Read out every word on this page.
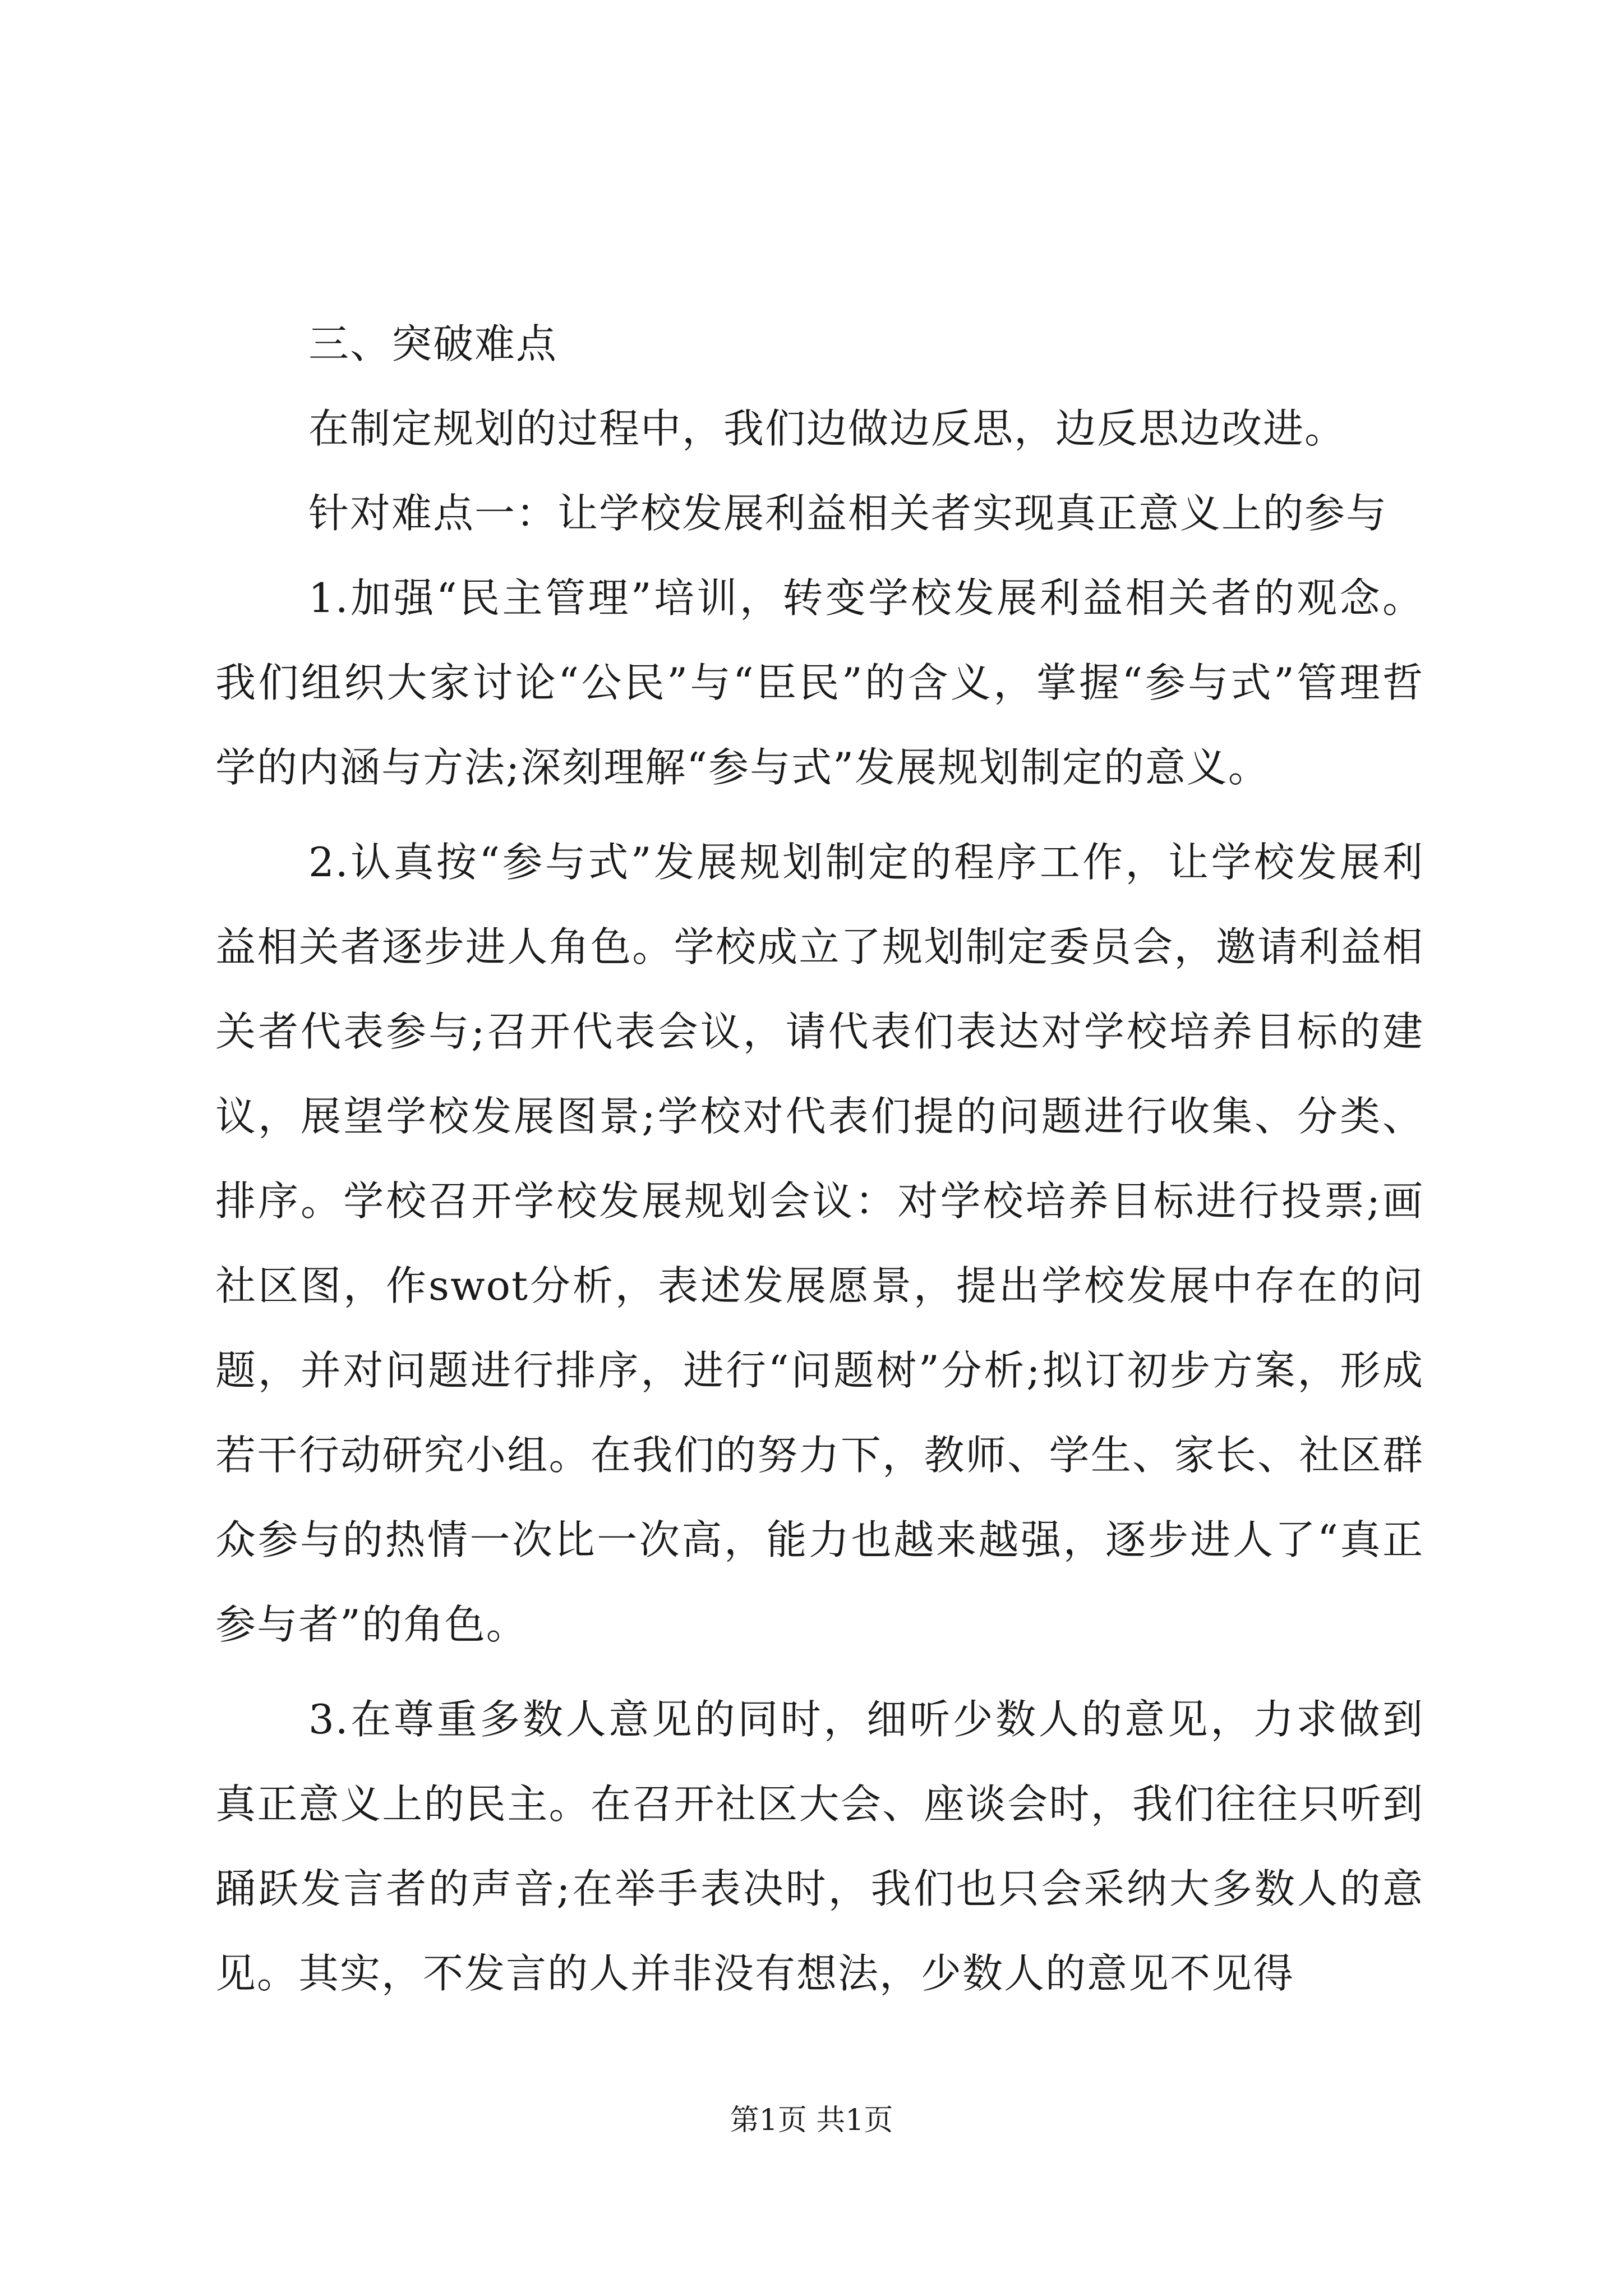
三、突破难点

在制定规划的过程中，我们边做边反思，边反思边改进。

针对难点一：让学校发展利益相关者实现真正意义上的参与

1.加强“民主管理”培训，转变学校发展利益相关者的观念。我们组织大家讨论“公民”与“臣民”的含义，掌握“参与式”管理哲学的内涵与方法;深刻理解“参与式”发展规划制定的意义。

2.认真按“参与式”发展规划制定的程序工作，让学校发展利益相关者逐步进人角色。学校成立了规划制定委员会，邀请利益相关者代表参与;召开代表会议，请代表们表达对学校培养目标的建议，展望学校发展图景;学校对代表们提的问题进行收集、分类、排序。学校召开学校发展规划会议：对学校培养目标进行投票;画社区图，作swot分析，表述发展愿景，提出学校发展中存在的问题，并对问题进行排序，进行“问题树”分析;拟订初步方案，形成若干行动研究小组。在我们的努力下，教师、学生、家长、社区群众参与的热情一次比一次高，能力也越来越强，逐步进人了“真正参与者”的角色。

3.在尊重多数人意见的同时，细听少数人的意见，力求做到真正意义上的民主。在召开社区大会、座谈会时，我们往往只听到踊跃发言者的声音;在举手表决时，我们也只会采纳大多数人的意见。其实，不发言的人并非没有想法，少数人的意见不见得

第1页 共1页
